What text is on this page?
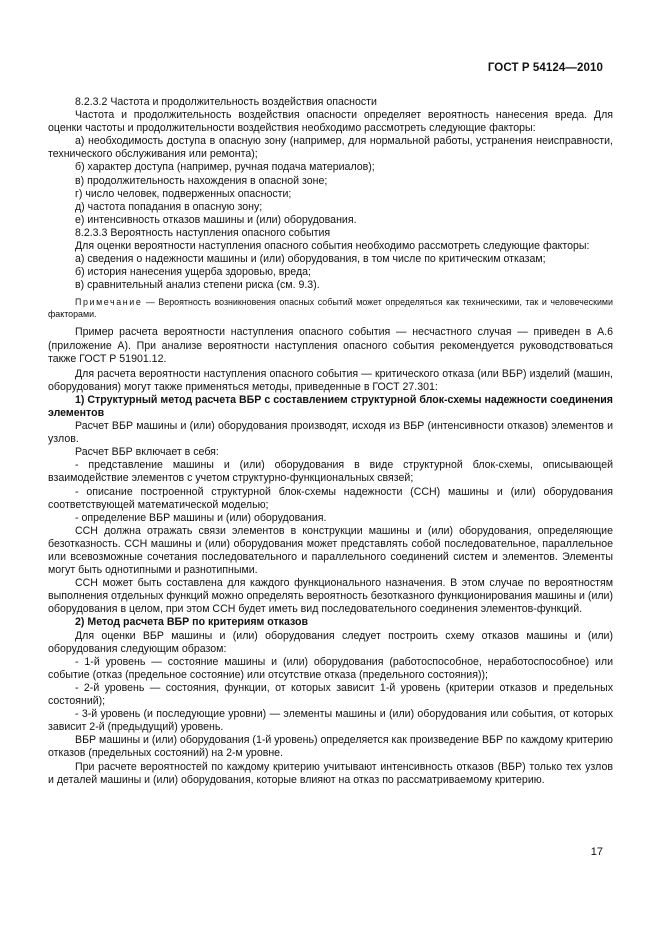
ГОСТ Р 54124—2010

8.2.3.2 Частота и продолжительность воздействия опасности

Частота и продолжительность воздействия опасности определяет вероятность нанесения вреда. Для оценки частоты и продолжительности воздействия необходимо рассмотреть следующие факторы:

а) необходимость доступа в опасную зону (например, для нормальной работы, устранения неисправности, технического обслуживания или ремонта);

б) характер доступа (например, ручная подача материалов);

в) продолжительность нахождения в опасной зоне;

г) число человек, подверженных опасности;

д) частота попадания в опасную зону;

е) интенсивность отказов машины и (или) оборудования.

8.2.3.3 Вероятность наступления опасного события

Для оценки вероятности наступления опасного события необходимо рассмотреть следующие факторы:

а) сведения о надежности машины и (или) оборудования, в том числе по критическим отказам;

б) история нанесения ущерба здоровью, вреда;

в) сравнительный анализ степени риска (см. 9.3).

Примечание — Вероятность возникновения опасных событий может определяться как техническими, так и человеческими факторами.

Пример расчета вероятности наступления опасного события — несчастного случая — приведен в А.6 (приложение А). При анализе вероятности наступления опасного события рекомендуется руководствоваться также ГОСТ Р 51901.12.

Для расчета вероятности наступления опасного события — критического отказа (или ВБР) изделий (машин, оборудования) могут также применяться методы, приведенные в ГОСТ 27.301:

1) Структурный метод расчета ВБР с составлением структурной блок-схемы надежности соединения элементов

Расчет ВБР машины и (или) оборудования производят, исходя из ВБР (интенсивности отказов) элементов и узлов.

Расчет ВБР включает в себя:

- представление машины и (или) оборудования в виде структурной блок-схемы, описывающей взаимодействие элементов с учетом структурно-функциональных связей;

- описание построенной структурной блок-схемы надежности (ССН) машины и (или) оборудования соответствующей математической моделью;

- определение ВБР машины и (или) оборудования.

ССН должна отражать связи элементов в конструкции машины и (или) оборудования, определяющие безотказность. ССН машины и (или) оборудования может представлять собой последовательное, параллельное или всевозможные сочетания последовательного и параллельного соединений систем и элементов. Элементы могут быть однотипными и разнотипными.

ССН может быть составлена для каждого функционального назначения. В этом случае по вероятностям выполнения отдельных функций можно определять вероятность безотказного функционирования машины и (или) оборудования в целом, при этом ССН будет иметь вид последовательного соединения элементов-функций.

2) Метод расчета ВБР по критериям отказов

Для оценки ВБР машины и (или) оборудования следует построить схему отказов машины и (или) оборудования следующим образом:

- 1-й уровень — состояние машины и (или) оборудования (работоспособное, неработоспособное) или событие (отказ (предельное состояние) или отсутствие отказа (предельного состояния));

- 2-й уровень — состояния, функции, от которых зависит 1-й уровень (критерии отказов и предельных состояний);

- 3-й уровень (и последующие уровни) — элементы машины и (или) оборудования или события, от которых зависит 2-й (предыдущий) уровень.

ВБР машины и (или) оборудования (1-й уровень) определяется как произведение ВБР по каждому критерию отказов (предельных состояний) на 2-м уровне.

При расчете вероятностей по каждому критерию учитывают интенсивность отказов (ВБР) только тех узлов и деталей машины и (или) оборудования, которые влияют на отказ по рассматриваемому критерию.

17
